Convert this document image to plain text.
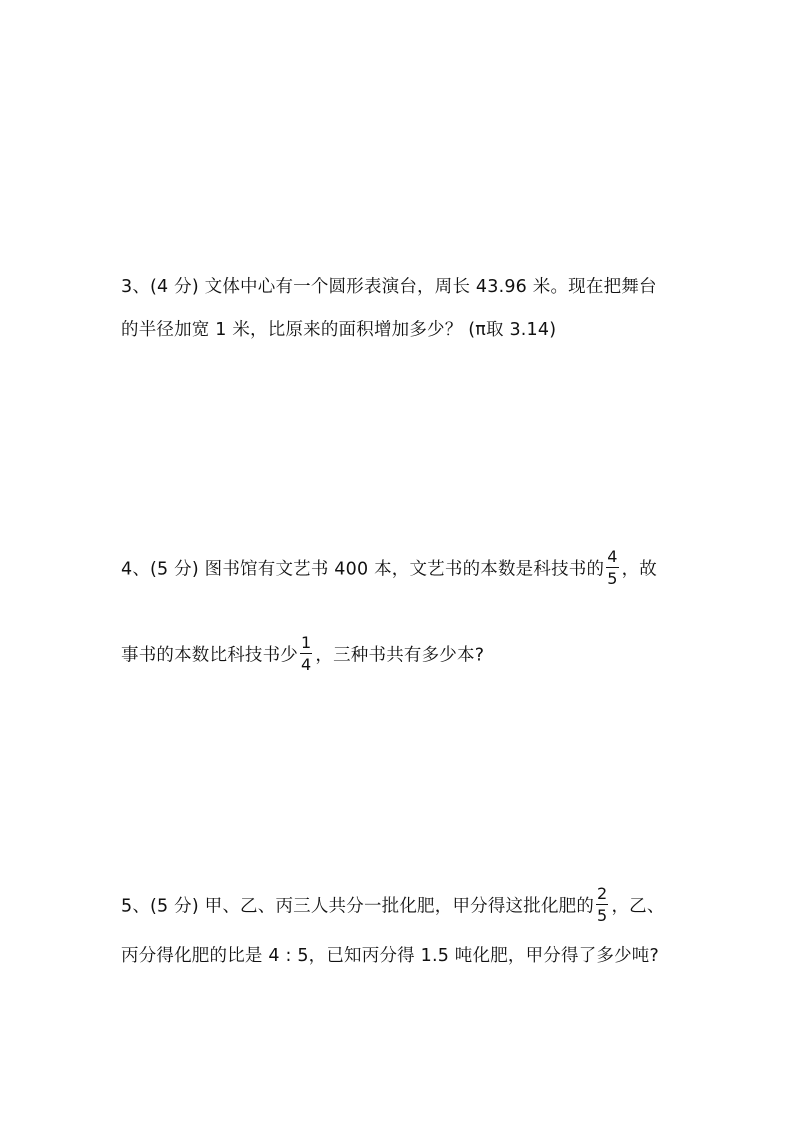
3、(4 分) 文体中心有一个圆形表演台，周长 43.96 米。现在把舞台
的半径加宽 1 米，比原来的面积增加多少？ (π取 3.14)
4、(5 分) 图书馆有文艺书 400 本，文艺书的本数是科技书的 $\frac{4}{5}$ ，故
事书的本数比科技书少 $\frac{1}{4}$ ，三种书共有多少本?
5、(5 分) 甲、乙、丙三人共分一批化肥，甲分得这批化肥的 $\frac{2}{5}$ ，乙、
丙分得化肥的比是 4 : 5，已知丙分得 1.5 吨化肥，甲分得了多少吨?
